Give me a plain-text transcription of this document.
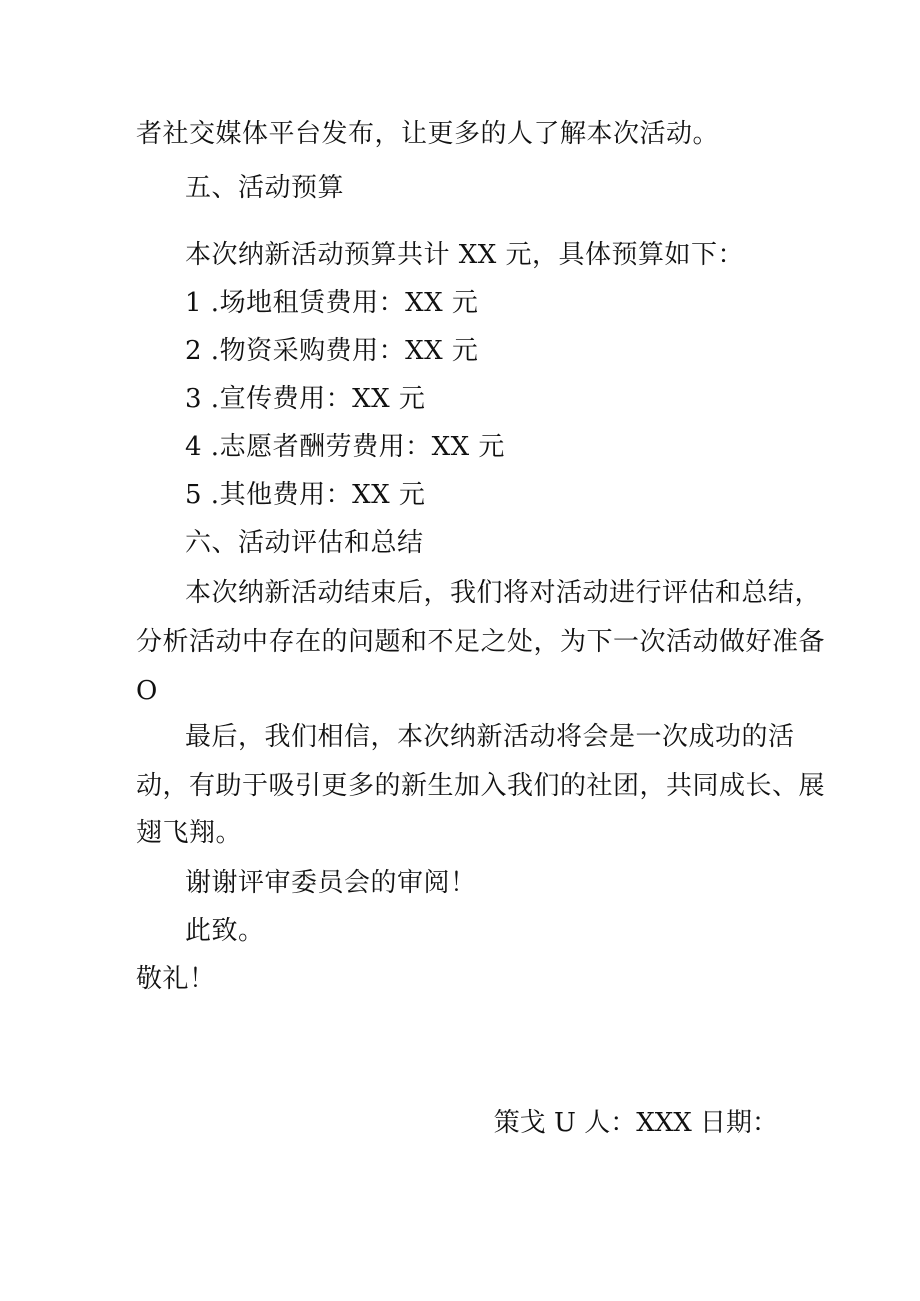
者社交媒体平台发布，让更多的人了解本次活动。
五、活动预算
本次纳新活动预算共计 XX 元，具体预算如下：
1 .场地租赁费用：XX 元
2 .物资采购费用：XX 元
3 .宣传费用：XX 元
4 .志愿者酬劳费用：XX 元
5 .其他费用：XX 元
六、活动评估和总结
本次纳新活动结束后，我们将对活动进行评估和总结，
分析活动中存在的问题和不足之处，为下一次活动做好准备
O
最后，我们相信，本次纳新活动将会是一次成功的活
动，有助于吸引更多的新生加入我们的社团，共同成长、展
翅飞翔。
谢谢评审委员会的审阅！
此致。
敬礼！
策戈 U 人：XXX 日期：
